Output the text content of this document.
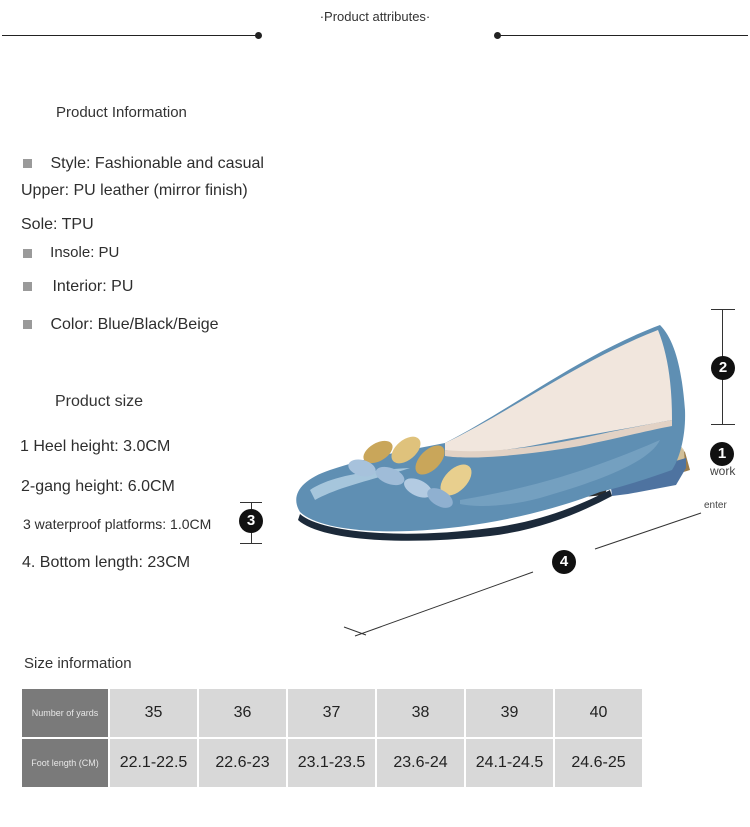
·Product attributes·
Product Information
Style: Fashionable and casual
Upper: PU leather (mirror finish)
Sole: TPU
Insole: PU
Interior: PU
Color: Blue/Black/Beige
Product size
1 Heel height: 3.0CM
2-gang height: 6.0CM
3 waterproof platforms: 1.0CM
4. Bottom length: 23CM
3
2
1
work
enter
4
Size information
Number of yards	35	36	37	38	39	40
Foot length (CM)	22.1-22.5	22.6-23	23.1-23.5	23.6-24	24.1-24.5	24.6-25
